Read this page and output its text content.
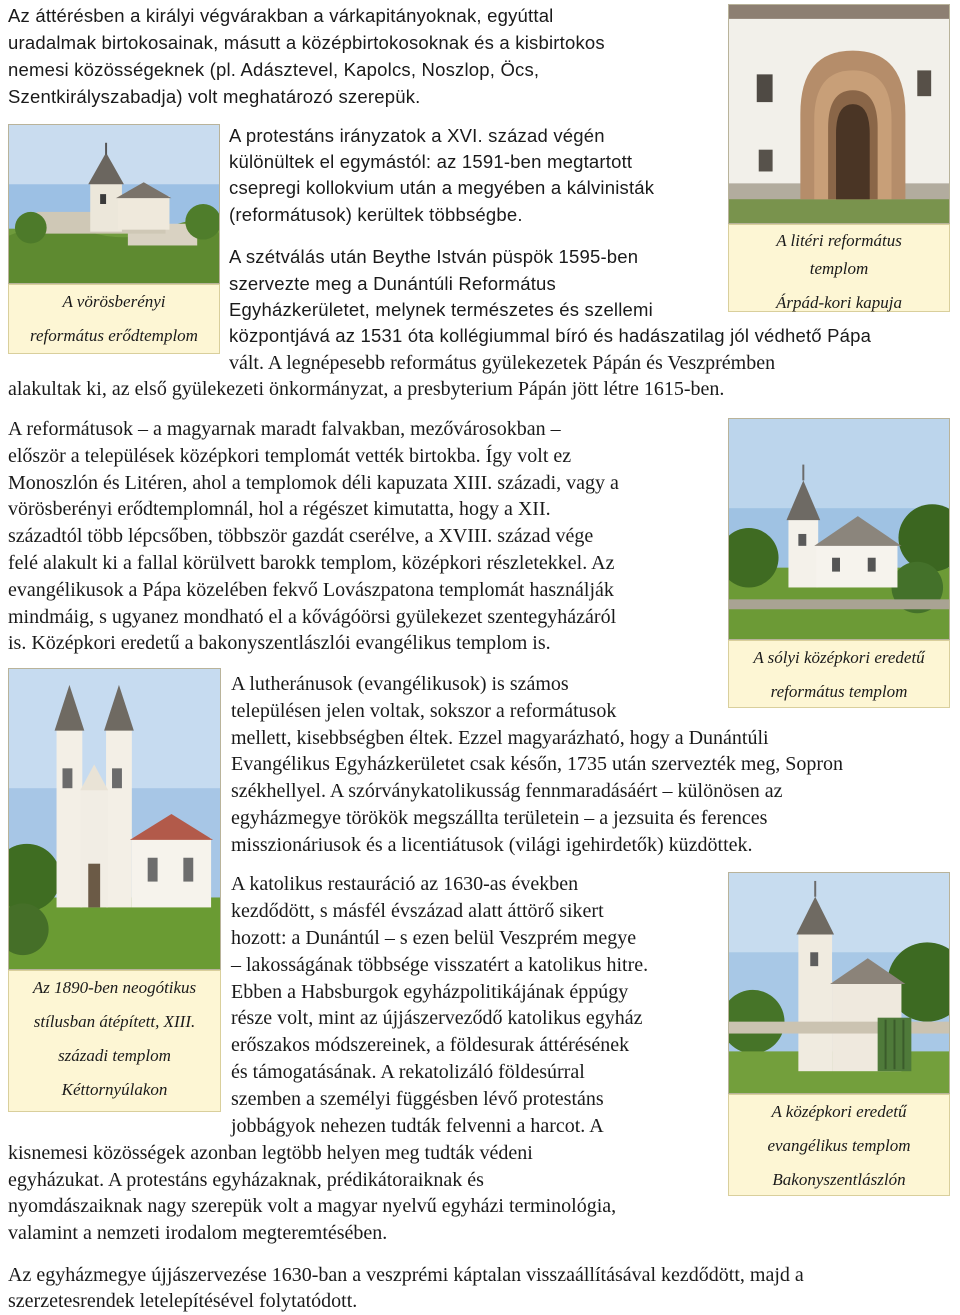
Az áttérésben a királyi végvárakban a várkapitányoknak, egyúttal

uradalmak birtokosainak, másutt a középbirtokosoknak és a kisbirtokos

nemesi közösségeknek (pl. Adásztevel, Kapolcs, Noszlop, Öcs,

Szentkirályszabadja) volt meghatározó szerepük.

A protestáns irányzatok a XVI. század végén

különültek el egymástól: az 1591-ben megtartott

csepregi kollokvium után a megyében a kálvinisták

(reformátusok) kerültek többségbe.

A szétválás után Beythe István püspök 1595-ben

szervezte meg a Dunántúli Református

Egyházkerületet, melynek természetes és szellemi

központjává az 1531 óta kollégiummal bíró és hadászatilag jól védhető Pápa

vált. A legnépesebb református gyülekezetek Pápán és Veszprémben

alakultak ki, az első gyülekezeti önkormányzat, a presbyterium Pápán jött létre 1615-ben.

A reformátusok – a magyarnak maradt falvakban, mezővárosokban –

először a települések középkori templomát vették birtokba. Így volt ez

Monoszlón és Litéren, ahol a templomok déli kapuzata XIII. századi, vagy a

vörösberényi erődtemplomnál, hol a régészet kimutatta, hogy a XII.

századtól több lépcsőben, többször gazdát cserélve, a XVIII. század vége

felé alakult ki a fallal körülvett barokk templom, középkori részletekkel. Az

evangélikusok a Pápa közelében fekvő Lovászpatona templomát használják

mindmáig, s ugyanez mondható el a kővágóörsi gyülekezet szentegyházáról

is. Középkori eredetű a bakonyszentlászlói evangélikus templom is.

A lutheránusok (evangélikusok) is számos

településen jelen voltak, sokszor a reformátusok

mellett, kisebbségben éltek. Ezzel magyarázható, hogy a Dunántúli

Evangélikus Egyházkerületet csak későn, 1735 után szervezték meg, Sopron

székhellyel. A szórványkatolikusság fennmaradásáért – különösen az

egyházmegye törökök megszállta területein – a jezsuita és ferences

misszionáriusok és a licentiátusok (világi igehirdetők) küzdöttek.

A katolikus restauráció az 1630-as években

kezdődött, s másfél évszázad alatt áttörő sikert

hozott: a Dunántúl – s ezen belül Veszprém megye

– lakosságának többsége visszatért a katolikus hitre.

Ebben a Habsburgok egyházpolitikájának éppúgy

része volt, mint az újjászerveződő katolikus egyház

erőszakos módszereinek, a földesurak áttérésének

és támogatásának. A rekatolizáló földesúrral

szemben a személyi függésben lévő protestáns

jobbágyok nehezen tudták felvenni a harcot. A

kisnemesi közösségek azonban legtöbb helyen meg tudták védeni

egyházukat. A protestáns egyházaknak, prédikátoraiknak és

nyomdászaiknak nagy szerepük volt a magyar nyelvű egyházi terminológia,

valamint a nemzeti irodalom megteremtésében.

Az egyházmegye újjászervezése 1630-ban a veszprémi káptalan visszaállításával kezdődött, majd a

szerzetesrendek letelepítésével folytatódott.

A vörösberényi
református erődtemplom
A litéri református
templom
Árpád-kori kapuja
A sólyi középkori eredetű
református templom
Az 1890-ben neogótikus
stílusban átépített, XIII.
századi templom
Kéttornyúlakon
A középkori eredetű
evangélikus templom
Bakonyszentlászlón
